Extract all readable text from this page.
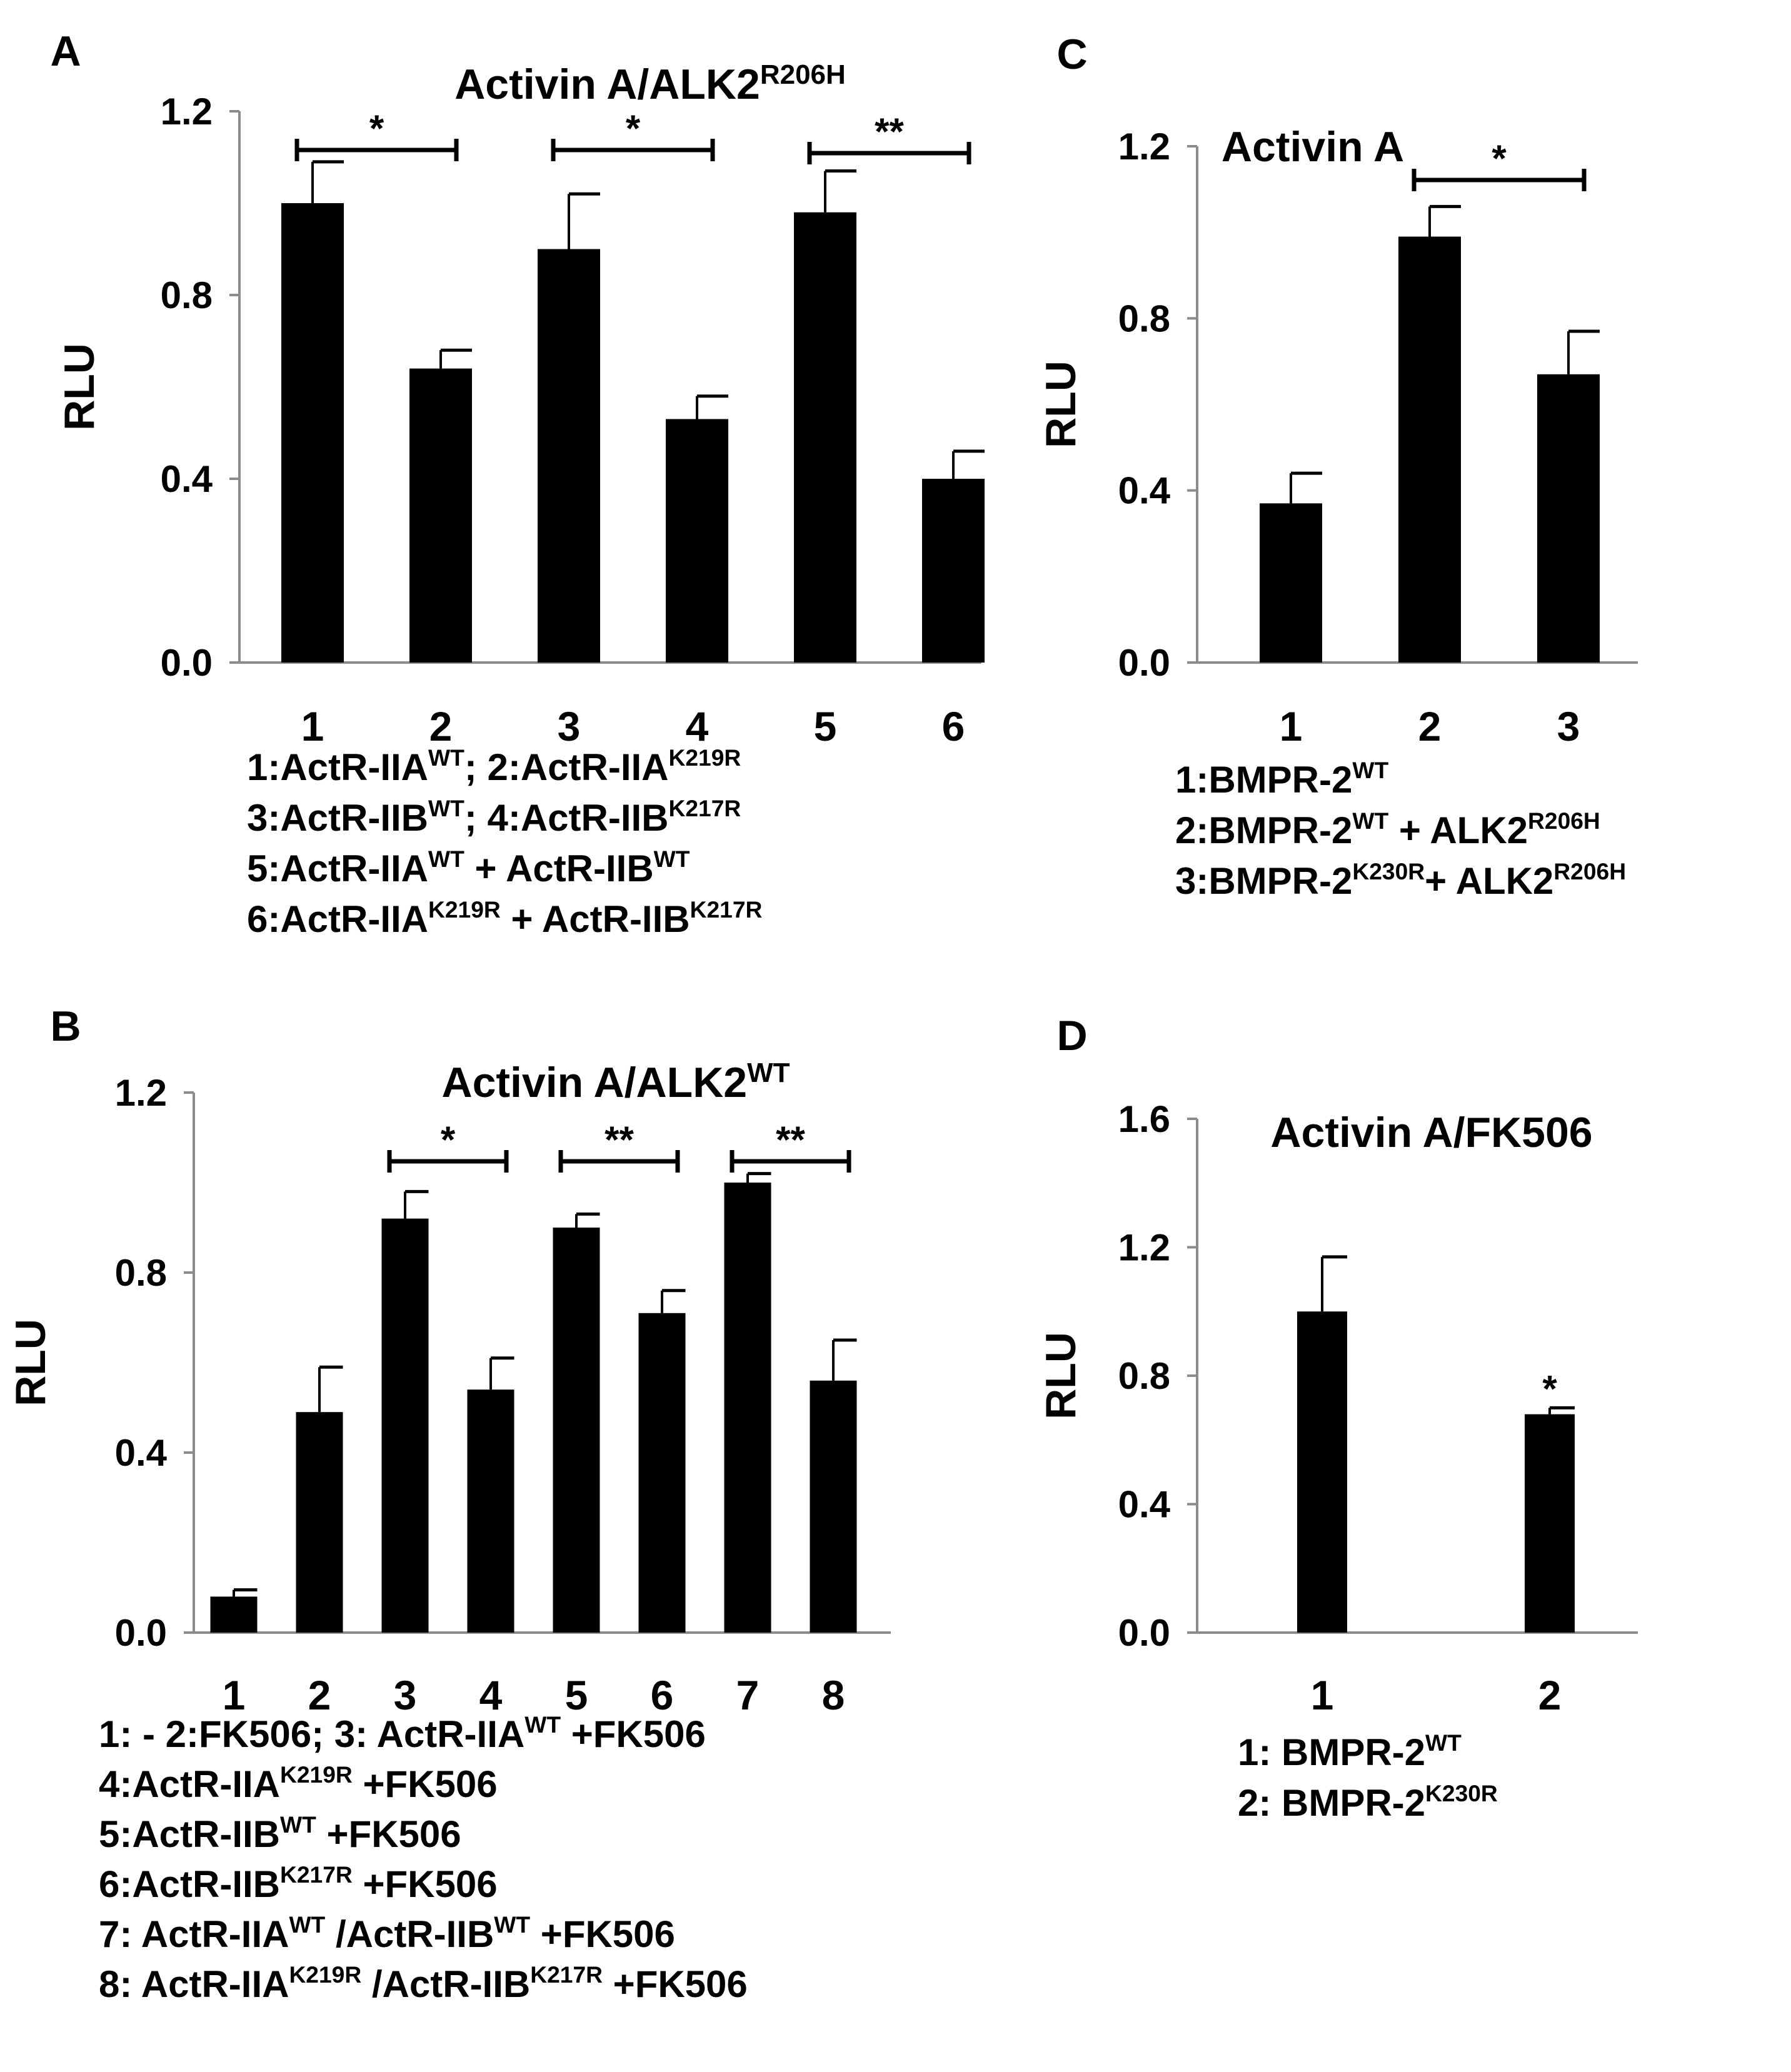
A
Activin $A/ALK2^{R206H}$
0.0
0.4
0.8
1.2
RLU
1	2	3	4	5	6
*	*	**
B
Activin $A/ALK2^{WT}$
0.0
0.4
0.8
1.2
RLU
1 2 3 4 5 6 7 8
*	**	**
C
Activin A
0.0
0.4
0.8
1.2
RLU
1	2	3
*
D
Activin A/FK506
0.0
0.4
0.8
1.2
1.6
RLU
1	2
*
$1:ActR-IIA^{WT}$; $2:ActR-IIA^{K219R}$
$3:ActR-IIB^{WT}$; $4:ActR-IIB^{K217R}$
$5:ActR-IIA^{WT}$ + ActR-$IIB^{WT}$
$6:ActR-IIA^{K219R}$ + ActR-$IIB^{K217R}$
1: - 2:FK506; 3: ActR-$IIA^{WT} +FK506$
$4:ActR-IIA^{K219R} +FK506$
$5:ActR-IIB^{WT} +FK506$
$6:ActR-IIB^{K217R} +FK506$
7: ActR-$IIA^{WT}$ $/ActR-IIB^{WT} +FK506$
8: ActR-$IIA^{K219R}$ $/ActR-IIB^{K217R} +FK506$
$1:BMPR-2^{WT}$
$2:BMPR-2^{WT} + ALK2^{R206H}$
$3:BMPR-2^{K230R}+ ALK2^{R206H}$
1: BMPR-$2^{WT}$
2: BMPR-$2^{K230R}$
